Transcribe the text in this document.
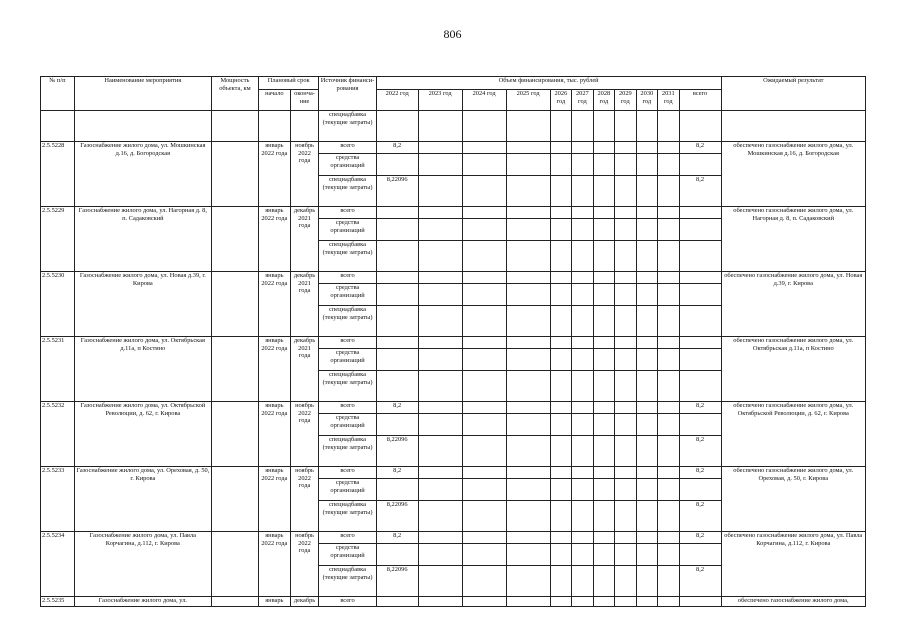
806
№ п/п	Наименование мероприятия	Мощность объекта, км	Плановый срок		Источник финанси-рования	Объем финансирования, тыс. рублей											Ожидаемый результат
			начало	оконча-ние		2022 год	2023 год	2024 год	2025 год	2026 год	2027 год	2028 год	2029 год	2030 год	2031 год	всего	
					спецнадбавка (текущие затраты)												
2.5.5228	Газоснабжение жилого дома, ул. Мошкинская д.16, д. Богородская		январь 2022 года	ноябрь 2022 года	всего	8,2										8,2	обеспечено газоснабжение жилого дома, ул. Мошкинская д.16, д. Богородская
					средства организаций												
					спецнадбавка (текущие затраты)	8,22096										8,2	
2.5.5229	Газоснабжение жилого дома, ул. Нагорная д. 8, п. Садаковский		январь 2022 года	декабрь 2021 года	всего												обеспечено газоснабжение жилого дома, ул. Нагорная д. 8, п. Садаковский
					средства организаций												
					спецнадбавка (текущие затраты)												
2.5.5230	Газоснабжение жилого дома, ул. Новая д.39, г. Кирова		январь 2022 года	декабрь 2021 года	всего												обеспечено газоснабжение жилого дома, ул. Новая д.39, г. Кирова
					средства организаций												
					спецнадбавка (текущие затраты)												
2.5.5231	Газоснабжение жилого дома, ул. Октябрьская д.11а, п Костино		январь 2022 года	декабрь 2021 года	всего												обеспечено газоснабжение жилого дома, ул. Октябрьская д.11а, п Костино
					средства организаций												
					спецнадбавка (текущие затраты)												
2.5.5232	Газоснабжение жилого дома, ул. Октябрьской Революции, д. 62, г. Кирова		январь 2022 года	ноябрь 2022 года	всего	8,2										8,2	обеспечено газоснабжение жилого дома, ул. Октябрьской Революции, д. 62, г. Кирова
					средства организаций												
					спецнадбавка (текущие затраты)	8,22096										8,2	
2.5.5233	Газоснабжение жилого дома, ул. Ореховая, д. 50, г. Кирова		январь 2022 года	ноябрь 2022 года	всего	8,2										8,2	обеспечено газоснабжение жилого дома, ул. Ореховая, д. 50, г. Кирова
					средства организаций												
					спецнадбавка (текущие затраты)	8,22096										8,2	
2.5.5234	Газоснабжение жилого дома, ул. Павла Корчагина, д.112, г. Кирова		январь 2022 года	ноябрь 2022 года	всего	8,2										8,2	обеспечено газоснабжение жилого дома, ул. Павла Корчагина, д.112, г. Кирова
					средства организаций												
					спецнадбавка (текущие затраты)	8,22096										8,2	
2.5.5235	Газоснабжение жилого дома, ул.		январь	декабрь	всего												обеспечено газоснабжение жилого дома,
